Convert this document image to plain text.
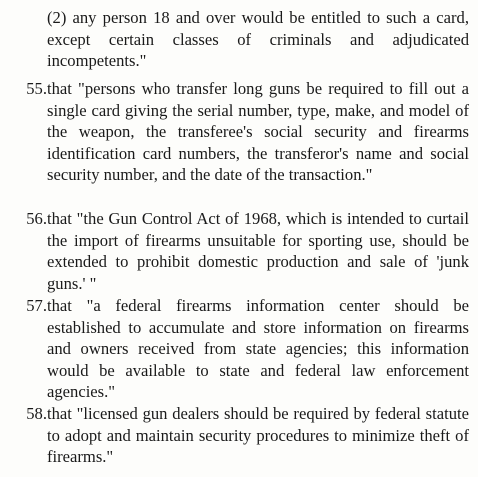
(2) any person 18 and over would be entitled to such a card, except certain classes of criminals and adjudicated incompetents."
55. that "persons who transfer long guns be required to fill out a single card giving the serial number, type, make, and model of the weapon, the transferee's social security and firearms identification card numbers, the transferor's name and social security number, and the date of the transaction."
56. that "the Gun Control Act of 1968, which is intended to curtail the import of firearms unsuitable for sporting use, should be extended to prohibit domestic production and sale of 'junk guns.' "
57. that "a federal firearms information center should be established to accumulate and store information on firearms and owners received from state agencies; this information would be available to state and federal law enforcement agencies."
58. that "licensed gun dealers should be required by federal statute to adopt and maintain security procedures to minimize theft of firearms."
